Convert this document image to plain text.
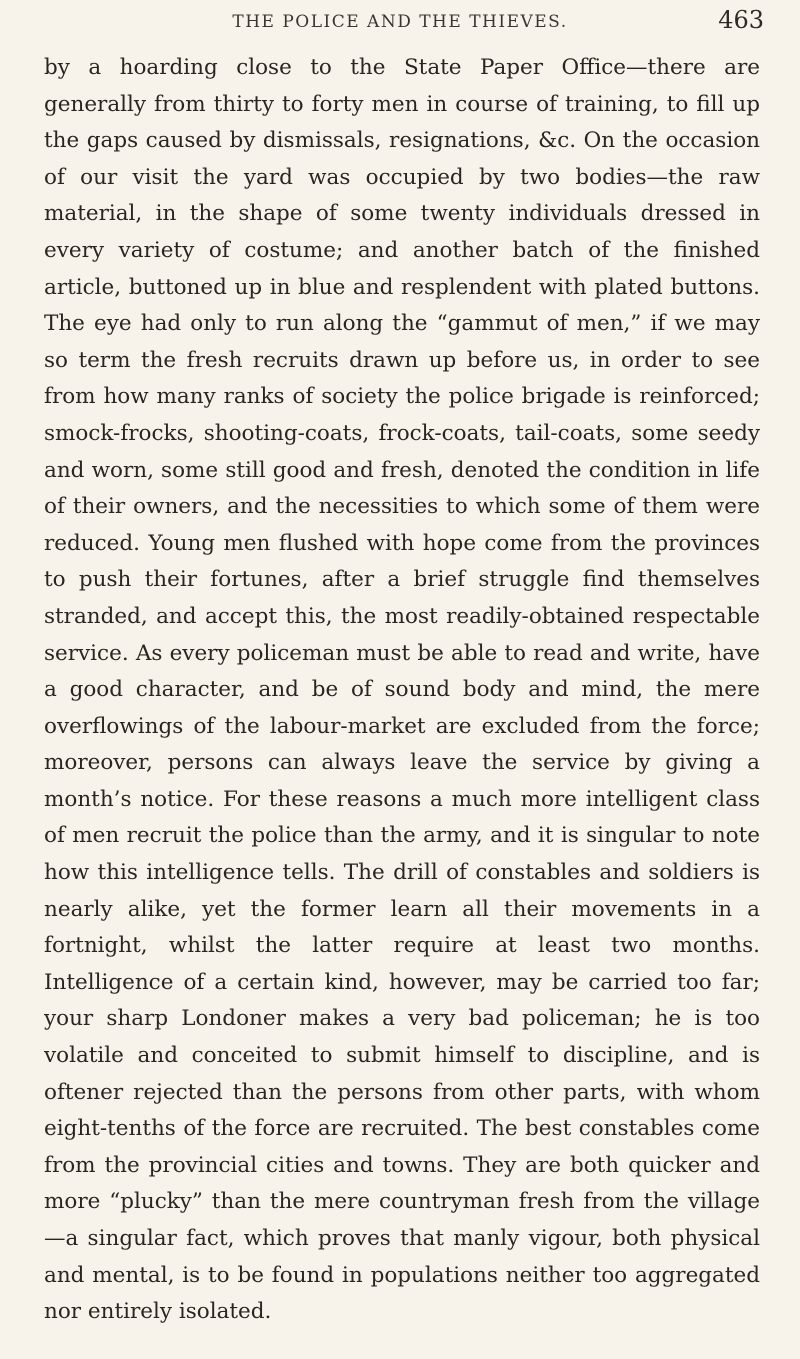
THE POLICE AND THE THIEVES.	463

by a hoarding close to the State Paper Office—there are generally from thirty to forty men in course of training, to fill up the gaps caused by dismissals, resignations, &c. On the occasion of our visit the yard was occupied by two bodies—the raw material, in the shape of some twenty individuals dressed in every variety of costume; and another batch of the finished article, buttoned up in blue and resplendent with plated buttons. The eye had only to run along the “gammut of men,” if we may so term the fresh recruits drawn up before us, in order to see from how many ranks of society the police brigade is reinforced; smock-frocks, shooting-coats, frock-coats, tail-coats, some seedy and worn, some still good and fresh, denoted the condition in life of their owners, and the necessities to which some of them were reduced. Young men flushed with hope come from the provinces to push their fortunes, after a brief struggle find themselves stranded, and accept this, the most readily-obtained respectable service. As every policeman must be able to read and write, have a good character, and be of sound body and mind, the mere overflowings of the labour-market are excluded from the force; moreover, persons can always leave the service by giving a month’s notice. For these reasons a much more intelligent class of men recruit the police than the army, and it is singular to note how this intelligence tells. The drill of constables and soldiers is nearly alike, yet the former learn all their movements in a fortnight, whilst the latter require at least two months. Intelligence of a certain kind, however, may be carried too far; your sharp Londoner makes a very bad policeman; he is too volatile and conceited to submit himself to discipline, and is oftener rejected than the persons from other parts, with whom eight-tenths of the force are recruited. The best constables come from the provincial cities and towns. They are both quicker and more “plucky” than the mere countryman fresh from the village—a singular fact, which proves that manly vigour, both physical and mental, is to be found in populations neither too aggregated nor entirely isolated.
